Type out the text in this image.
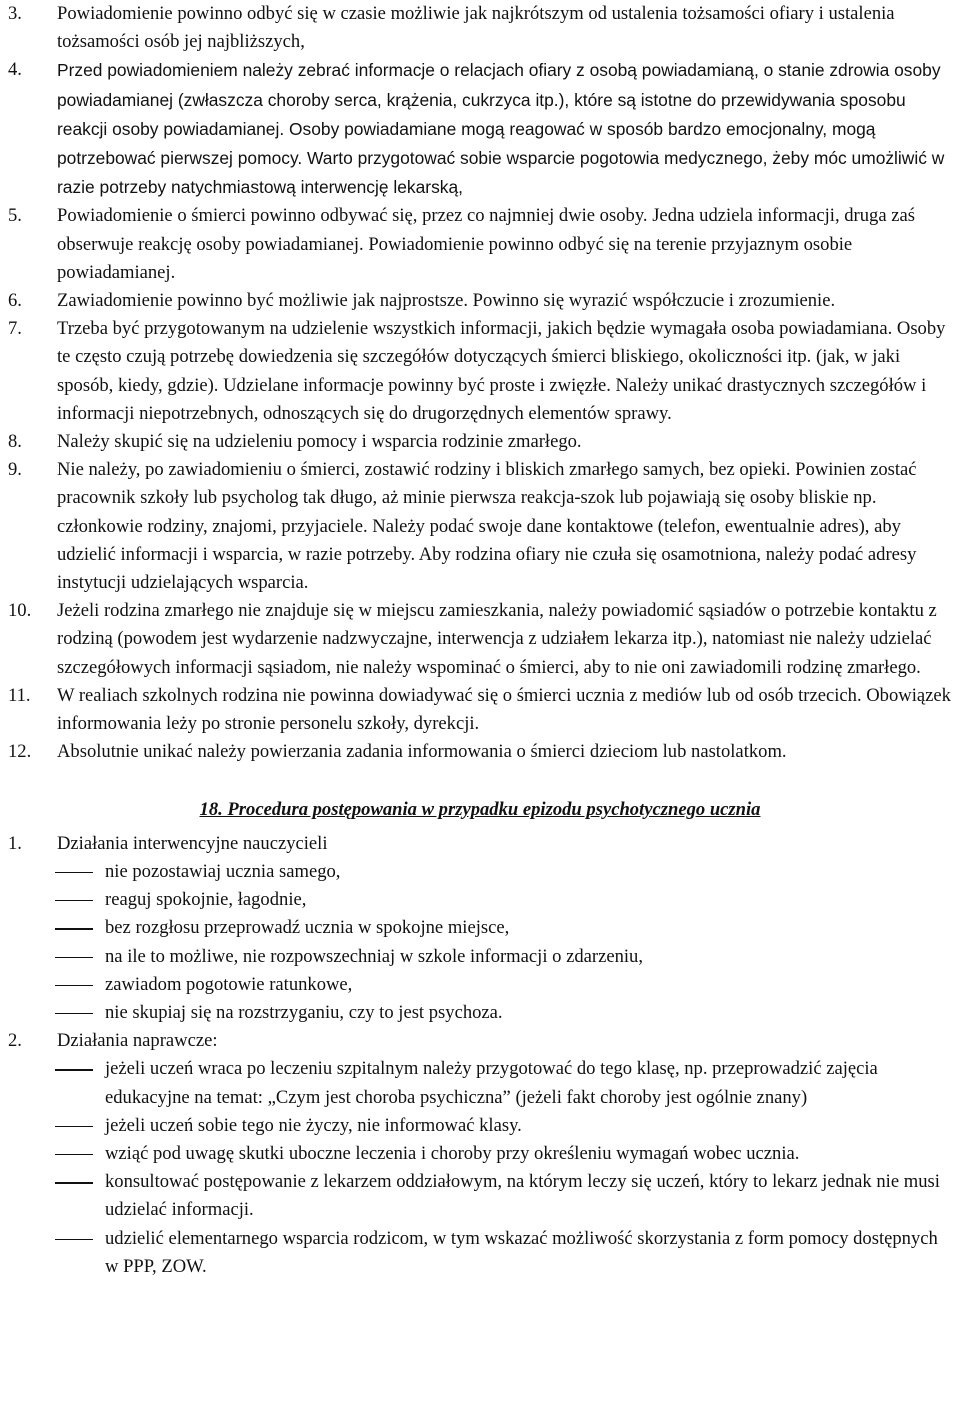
3. Powiadomienie powinno odbyć się w czasie możliwie jak najkrótszym od ustalenia tożsamości ofiary i ustalenia tożsamości osób jej najbliższych,
4. Przed powiadomieniem należy zebrać informacje o relacjach ofiary z osobą powiadamianą, o stanie zdrowia osoby powiadamianej (zwłaszcza choroby serca, krążenia, cukrzyca itp.), które są istotne do przewidywania sposobu reakcji osoby powiadamianej. Osoby powiadamiane mogą reagować w sposób bardzo emocjonalny, mogą potrzebować pierwszej pomocy. Warto przygotować sobie wsparcie pogotowia medycznego, żeby móc umożliwić w razie potrzeby natychmiastową interwencję lekarską,
5. Powiadomienie o śmierci powinno odbywać się, przez co najmniej dwie osoby. Jedna udziela informacji, druga zaś obserwuje reakcję osoby powiadamianej. Powiadomienie powinno odbyć się na terenie przyjaznym osobie powiadamianej.
6. Zawiadomienie powinno być możliwie jak najprostsze. Powinno się wyrazić współczucie i zrozumienie.
7. Trzeba być przygotowanym na udzielenie wszystkich informacji, jakich będzie wymagała osoba powiadamiana. Osoby te często czują potrzebę dowiedzenia się szczegółów dotyczących śmierci bliskiego, okoliczności itp. (jak, w jaki sposób, kiedy, gdzie). Udzielane informacje powinny być proste i zwięzłe. Należy unikać drastycznych szczegółów i informacji niepotrzebnych, odnoszących się do drugorzędnych elementów sprawy.
8. Należy skupić się na udzieleniu pomocy i wsparcia rodzinie zmarłego.
9. Nie należy, po zawiadomieniu o śmierci, zostawić rodziny i bliskich zmarłego samych, bez opieki. Powinien zostać pracownik szkoły lub psycholog tak długo, aż minie pierwsza reakcja-szok lub pojawiają się osoby bliskie np. członkowie rodziny, znajomi, przyjaciele. Należy podać swoje dane kontaktowe (telefon, ewentualnie adres), aby udzielić informacji i wsparcia, w razie potrzeby. Aby rodzina ofiary nie czuła się osamotniona, należy podać adresy instytucji udzielających wsparcia.
10. Jeżeli rodzina zmarłego nie znajduje się w miejscu zamieszkania, należy powiadomić sąsiadów o potrzebie kontaktu z rodziną (powodem jest wydarzenie nadzwyczajne, interwencja z udziałem lekarza itp.), natomiast nie należy udzielać szczegółowych informacji sąsiadom, nie należy wspominać o śmierci, aby to nie oni zawiadomili rodzinę zmarłego.
11. W realiach szkolnych rodzina nie powinna dowiadywać się o śmierci ucznia z mediów lub od osób trzecich. Obowiązek informowania leży po stronie personelu szkoły, dyrekcji.
12. Absolutnie unikać należy powierzania zadania informowania o śmierci dzieciom lub nastolatkom.
18. Procedura postępowania w przypadku epizodu psychotycznego ucznia
1. Działania interwencyjne nauczycieli
nie pozostawiaj ucznia samego,
reaguj spokojnie, łagodnie,
bez rozgłosu przeprowadź ucznia w spokojne miejsce,
na ile to możliwe, nie rozpowszechniaj w szkole informacji o zdarzeniu,
zawiadom pogotowie ratunkowe,
nie skupiaj się na rozstrzyganiu, czy to jest psychoza.
2. Działania naprawcze:
jeżeli uczeń wraca po leczeniu szpitalnym należy przygotować do tego klasę, np. przeprowadzić zajęcia edukacyjne na temat: „Czym jest choroba psychiczna” (jeżeli fakt choroby jest ogólnie znany)
jeżeli uczeń sobie tego nie życzy, nie informować klasy.
wziąć pod uwagę skutki uboczne leczenia i choroby przy określeniu wymagań wobec ucznia.
konsultować postępowanie z lekarzem oddziałowym, na którym leczy się uczeń, który to lekarz jednak nie musi udzielać informacji.
udzielić elementarnego wsparcia rodzicom, w tym wskazać możliwość skorzystania z form pomocy dostępnych w PPP, ZOW.
